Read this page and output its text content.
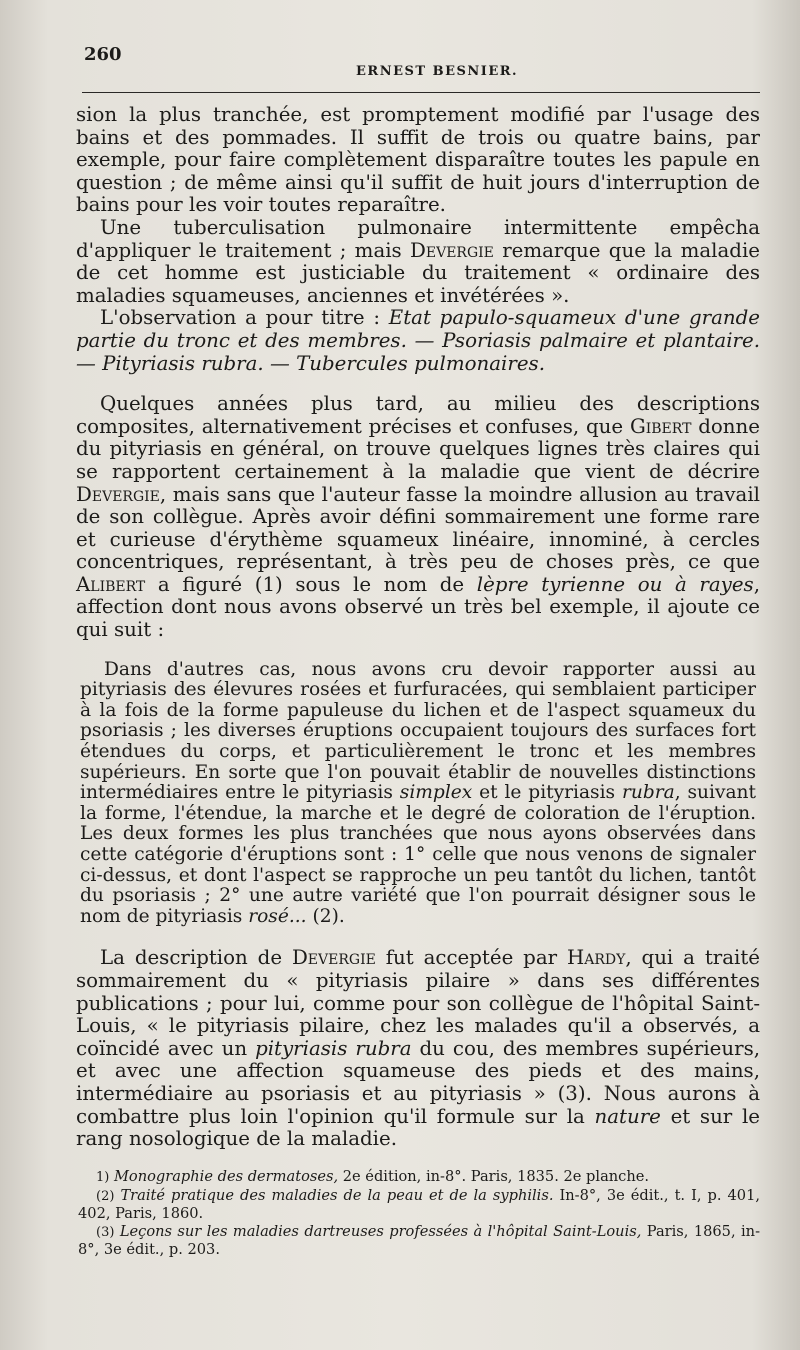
260
ERNEST BESNIER.

sion la plus tranchée, est promptement modifié par l'usage des bains et des pommades. Il suffit de trois ou quatre bains, par exemple, pour faire complètement disparaître toutes les papule en question ; de même ainsi qu'il suffit de huit jours d'interruption de bains pour les voir toutes reparaître.

Une tuberculisation pulmonaire intermittente empêcha d'appliquer le traitement ; mais Devergie remarque que la maladie de cet homme est justiciable du traitement « ordinaire des maladies squameuses, anciennes et invétérées ».

L'observation a pour titre : Etat papulo-squameux d'une grande partie du tronc et des membres. — Psoriasis palmaire et plantaire. — Pityriasis rubra. — Tubercules pulmonaires.

Quelques années plus tard, au milieu des descriptions composites, alternativement précises et confuses, que Gibert donne du pityriasis en général, on trouve quelques lignes très claires qui se rapportent certainement à la maladie que vient de décrire Devergie, mais sans que l'auteur fasse la moindre allusion au travail de son collègue. Après avoir défini sommairement une forme rare et curieuse d'érythème squameux linéaire, innominé, à cercles concentriques, représentant, à très peu de choses près, ce que Alibert a figuré (1) sous le nom de lèpre tyrienne ou à rayes, affection dont nous avons observé un très bel exemple, il ajoute ce qui suit :

Dans d'autres cas, nous avons cru devoir rapporter aussi au pityriasis des élevures rosées et furfuracées, qui semblaient participer à la fois de la forme papuleuse du lichen et de l'aspect squameux du psoriasis ; les diverses éruptions occupaient toujours des surfaces fort étendues du corps, et particulièrement le tronc et les membres supérieurs. En sorte que l'on pouvait établir de nouvelles distinctions intermédiaires entre le pityriasis simplex et le pityriasis rubra, suivant la forme, l'étendue, la marche et le degré de coloration de l'éruption. Les deux formes les plus tranchées que nous ayons observées dans cette catégorie d'éruptions sont : 1° celle que nous venons de signaler ci-dessus, et dont l'aspect se rapproche un peu tantôt du lichen, tantôt du psoriasis ; 2° une autre variété que l'on pourrait désigner sous le nom de pityriasis rosé... (2).

La description de Devergie fut acceptée par Hardy, qui a traité sommairement du « pityriasis pilaire » dans ses différentes publications ; pour lui, comme pour son collègue de l'hôpital Saint-Louis, « le pityriasis pilaire, chez les malades qu'il a observés, a coïncidé avec un pityriasis rubra du cou, des membres supérieurs, et avec une affection squameuse des pieds et des mains, intermédiaire au psoriasis et au pityriasis » (3). Nous aurons à combattre plus loin l'opinion qu'il formule sur la nature et sur le rang nosologique de la maladie.

1) Monographie des dermatoses, 2e édition, in-8°. Paris, 1835. 2e planche.

(2) Traité pratique des maladies de la peau et de la syphilis. In-8°, 3e édit., t. I, p. 401, 402, Paris, 1860.

(3) Leçons sur les maladies dartreuses professées à l'hôpital Saint-Louis, Paris, 1865, in-8°, 3e édit., p. 203.
